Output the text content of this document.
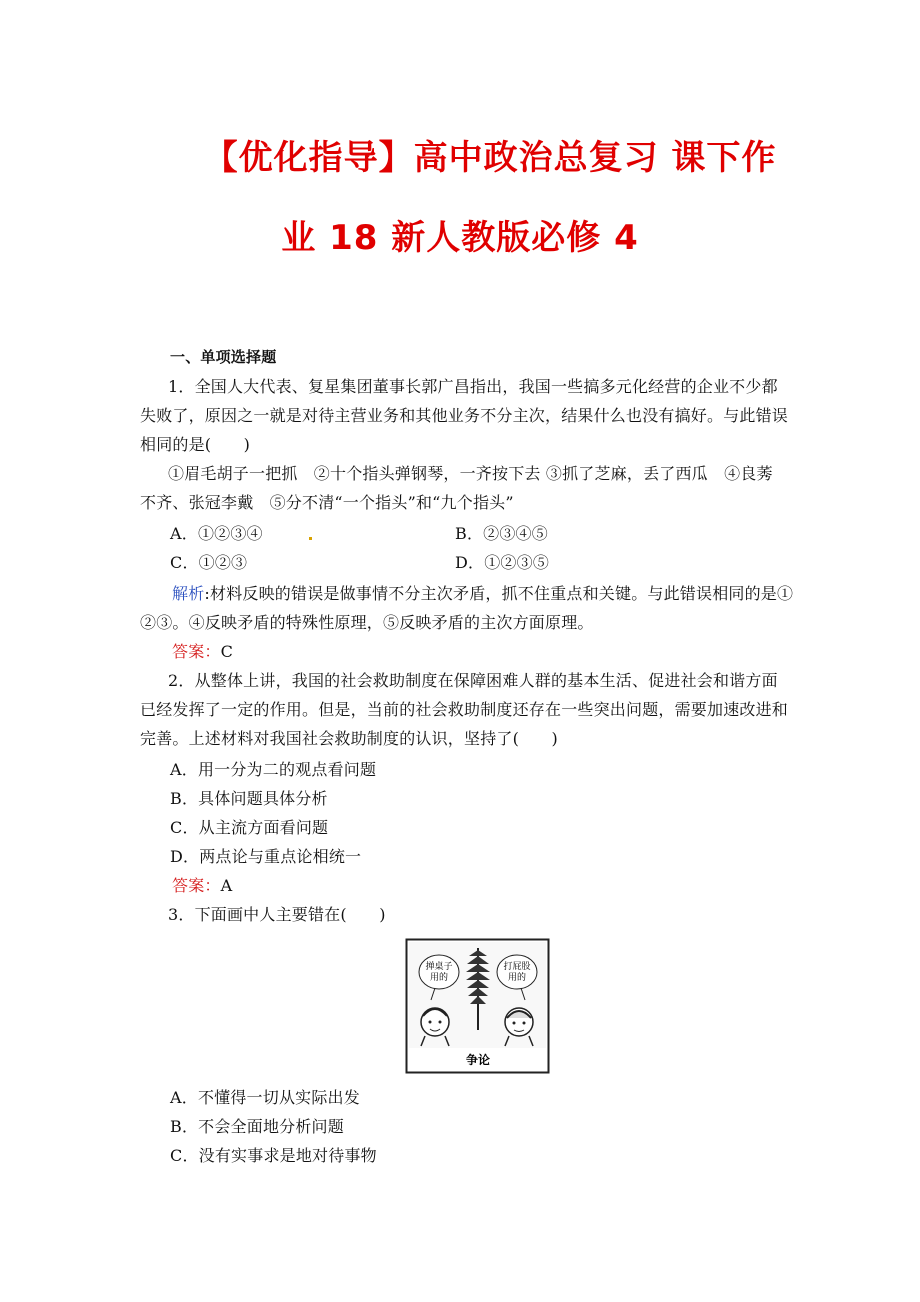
【优化指导】高中政治总复习 课下作
业 18 新人教版必修 4
一、单项选择题
1．全国人大代表、复星集团董事长郭广昌指出，我国一些搞多元化经营的企业不少都
失败了，原因之一就是对待主营业务和其他业务不分主次，结果什么也没有搞好。与此错误
相同的是(　　)
①眉毛胡子一把抓　②十个指头弹钢琴，一齐按下去 ③抓了芝麻，丢了西瓜　④良莠
不齐、张冠李戴　⑤分不清“一个指头”和“九个指头”
A．①②③④	B．②③④⑤
C．①②③	D．①②③⑤
解析:材料反映的错误是做事情不分主次矛盾，抓不住重点和关键。与此错误相同的是①
②③。④反映矛盾的特殊性原理，⑤反映矛盾的主次方面原理。
答案：C
2．从整体上讲，我国的社会救助制度在保障困难人群的基本生活、促进社会和谐方面
已经发挥了一定的作用。但是，当前的社会救助制度还存在一些突出问题，需要加速改进和
完善。上述材料对我国社会救助制度的认识，坚持了(　　)
A．用一分为二的观点看问题
B．具体问题具体分析
C．从主流方面看问题
D．两点论与重点论相统一
答案：A
3．下面画中人主要错在(　　)
掸桌子
用的
打屁股
用的
争论
A．不懂得一切从实际出发
B．不会全面地分析问题
C．没有实事求是地对待事物
